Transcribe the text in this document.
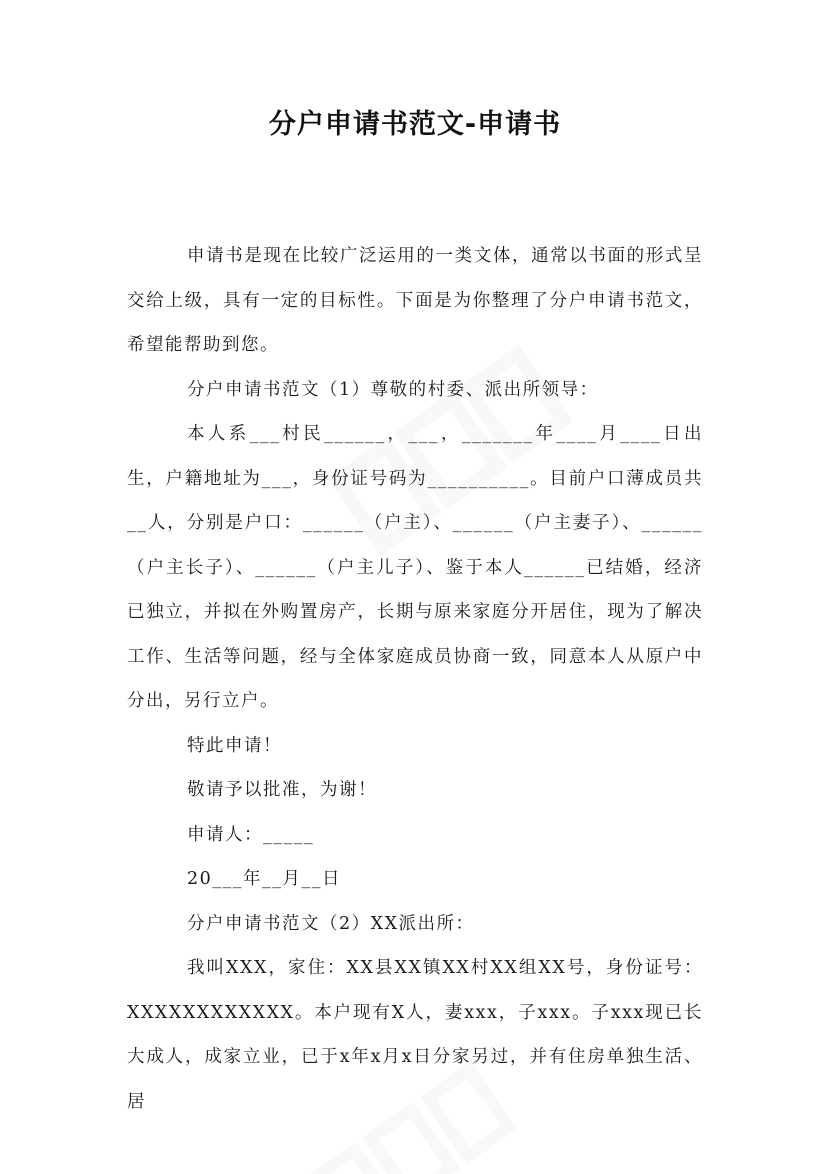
分户申请书范文-申请书

申请书是现在比较广泛运用的一类文体，通常以书面的形式呈交给上级，具有一定的目标性。下面是为你整理了分户申请书范文，希望能帮助到您。

分户申请书范文（1）尊敬的村委、派出所领导：

本人系___村民______，___，_______年____月____日出生，户籍地址为___，身份证号码为__________。目前户口薄成员共__人，分别是户口：______（户主）、______（户主妻子）、______（户主长子）、______（户主儿子）、鉴于本人______已结婚，经济已独立，并拟在外购置房产，长期与原来家庭分开居住，现为了解决工作、生活等问题，经与全体家庭成员协商一致，同意本人从原户中分出，另行立户。

特此申请！

敬请予以批准，为谢！

申请人：_____

20___年__月__日

分户申请书范文（2）XX派出所：

我叫XXX，家住：XX县XX镇XX村XX组XX号，身份证号：XXXXXXXXXXXX。本户现有X人，妻xxx，子xxx。子xxx现已长大成人，成家立业，已于x年x月x日分家另过，并有住房单独生活、居
